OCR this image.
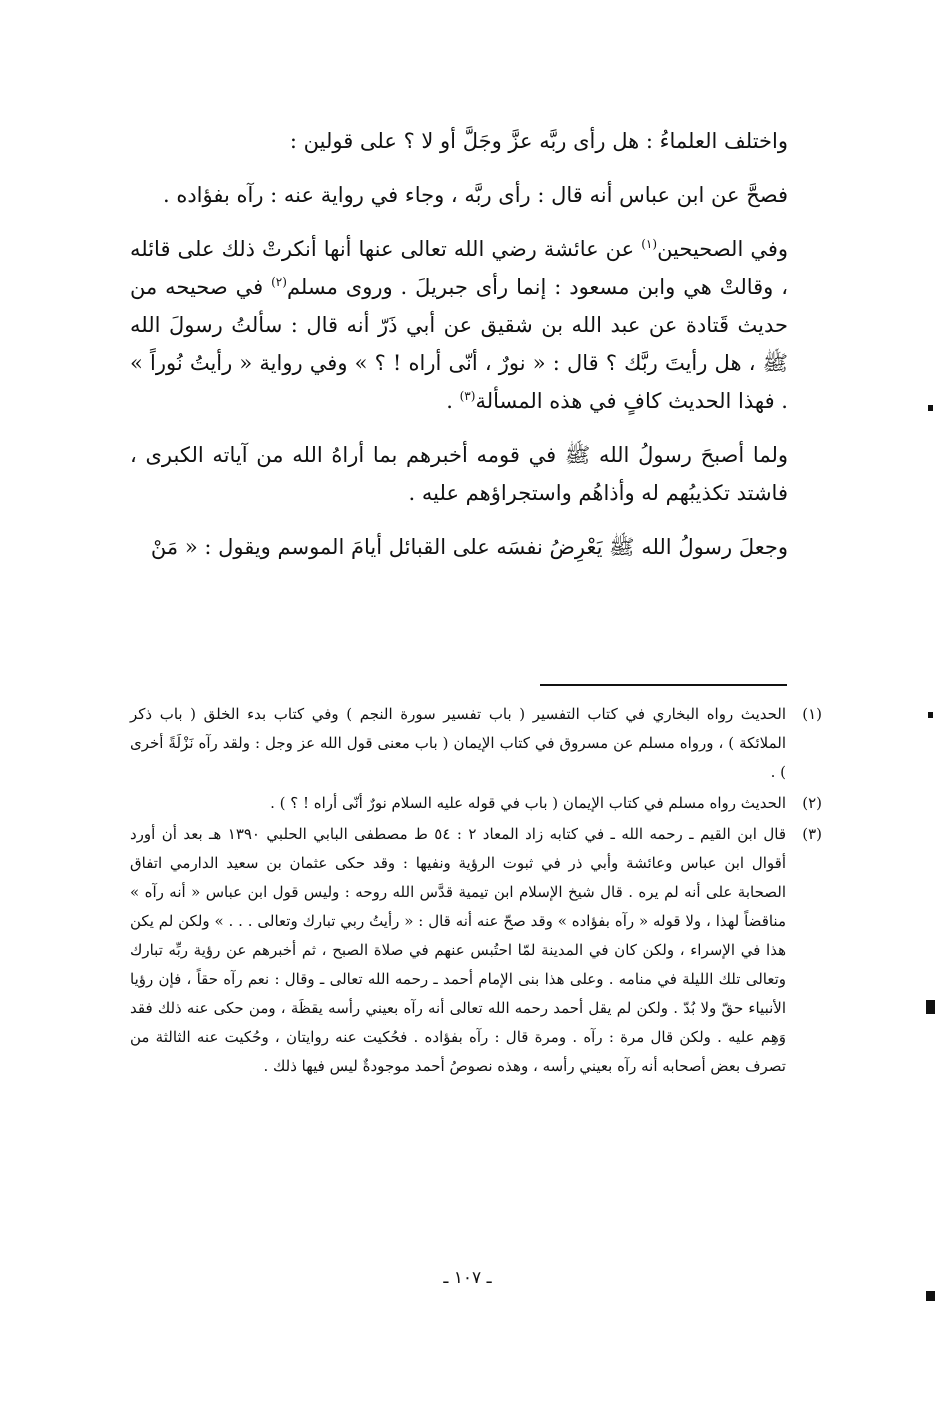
واختلف العلماءُ : هل رأى ربَّه عزَّ وجَلَّ أو لا ؟ على قولين :

فصحَّ عن ابن عباس أنه قال : رأى ربَّه ، وجاء في رواية عنه : رآه بفؤاده .

وفي الصحيحين$^{(١)}$ عن عائشة رضي الله تعالى عنها أنها أنكرتْ ذلك على قائله ، وقالتْ هي وابن مسعود : إنما رأى جبريلَ . وروى مسلم$^{(٢)}$ في صحيحه من حديث قَتادة عن عبد الله بن شقيق عن أبي ذَرّ أنه قال : سألتُ رسولَ الله ﷺ ، هل رأيتَ ربَّك ؟ قال : « نورٌ ، أنّى أراه ! ؟ » وفي رواية « رأيتُ نُوراً » . فهذا الحديث كافٍ في هذه المسألة$^{(٣)}$ .

ولما أصبحَ رسولُ الله ﷺ في قومه أخبرهم بما أراهُ الله من آياته الكبرى ، فاشتد تكذيبُهم له وأذاهُم واستجراؤهم عليه .

وجعلَ رسولُ الله ﷺ يَعْرِضُ نفسَه على القبائل أيامَ الموسم ويقول : « مَنْ

(١)
الحديث رواه البخاري في كتاب التفسير ( باب تفسير سورة النجم ) وفي كتاب بدء الخلق ( باب ذكر الملائكة ) ، ورواه مسلم عن مسروق في كتاب الإيمان ( باب معنى قول الله عز وجل : ولقد رآه نَزْلَةً أخرى ) .
(٢)
الحديث رواه مسلم في كتاب الإيمان ( باب في قوله عليه السلام نورٌ أنّى أراه ! ؟ ) .
(٣)
قال ابن القيم ـ رحمه الله ـ في كتابه زاد المعاد ٢ : ٥٤ ط مصطفى البابي الحلبي ١٣٩٠ هـ بعد أن أورد أقوال ابن عباس وعائشة وأبي ذر في ثبوت الرؤية ونفيها : وقد حكى عثمان بن سعيد الدارمي اتفاق الصحابة على أنه لم يره . قال شيخ الإسلام ابن تيمية قدَّس الله روحه : وليس قول ابن عباس « أنه رآه » مناقضاً لهذا ، ولا قوله « رآه بفؤاده » وقد صحّ عنه أنه قال : « رأيتُ ربي تبارك وتعالى . . . » ولكن لم يكن هذا في الإسراء ، ولكن كان في المدينة لمّا احتُبس عنهم في صلاة الصبح ، ثم أخبرهم عن رؤية ربِّه تبارك وتعالى تلك الليلة في منامه . وعلى هذا بنى الإمام أحمد ـ رحمه الله تعالى ـ وقال : نعم رآه حقاً ، فإن رؤيا الأنبياء حقّ ولا بُدّ . ولكن لم يقل أحمد رحمه الله تعالى أنه رآه بعيني رأسه يقظَة ، ومن حكى عنه ذلك فقد وَهِم عليه . ولكن قال مرة : رآه . ومرة قال : رآه بفؤاده . فحُكيت عنه روايتان ، وحُكيت عنه الثالثة من تصرف بعض أصحابه أنه رآه بعيني رأسه ، وهذه نصوصُ أحمد موجودةٌ ليس فيها ذلك .
ـ ١٠٧ ـ
